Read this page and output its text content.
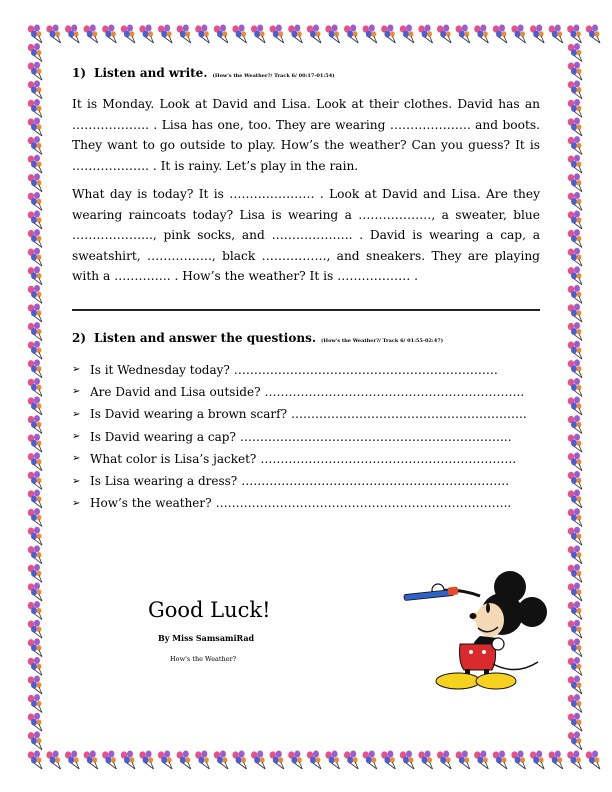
1) Listen and write. (How's the Weather?/ Track 6/ 00:17-01:54)

It is Monday. Look at David and Lisa. Look at their clothes. David has an ………………. . Lisa has one, too. They are wearing ……………….. and boots. They want to go outside to play. How’s the weather? Can you guess? It is ………………. . It is rainy. Let’s play in the rain.

What day is today? It is ………………… . Look at David and Lisa. Are they wearing raincoats today? Lisa is wearing a ………………, a sweater, blue ……………….., pink socks, and ……………….. . David is wearing a cap, a sweatshirt, ……………., black ……………., and sneakers. They are playing with a ………….. . How’s the weather? It is ……………… .

2) Listen and answer the questions. (How's the Weather?/ Track 6/ 01:55-02:47)
➢ Is it Wednesday today? …………………………………………………………
➢ Are David and Lisa outside? ………………………………………………………..
➢ Is David wearing a brown scarf? …………………………………………………..
➢ Is David wearing a cap? …………………………………………………………..
➢ What color is Lisa’s jacket? ……………………………………………………….
➢ Is Lisa wearing a dress? ………………………………………………………….
➢ How’s the weather? ………………………………………………………………..
Good Luck!
By Miss SamsamiRad
How's the Weather?
